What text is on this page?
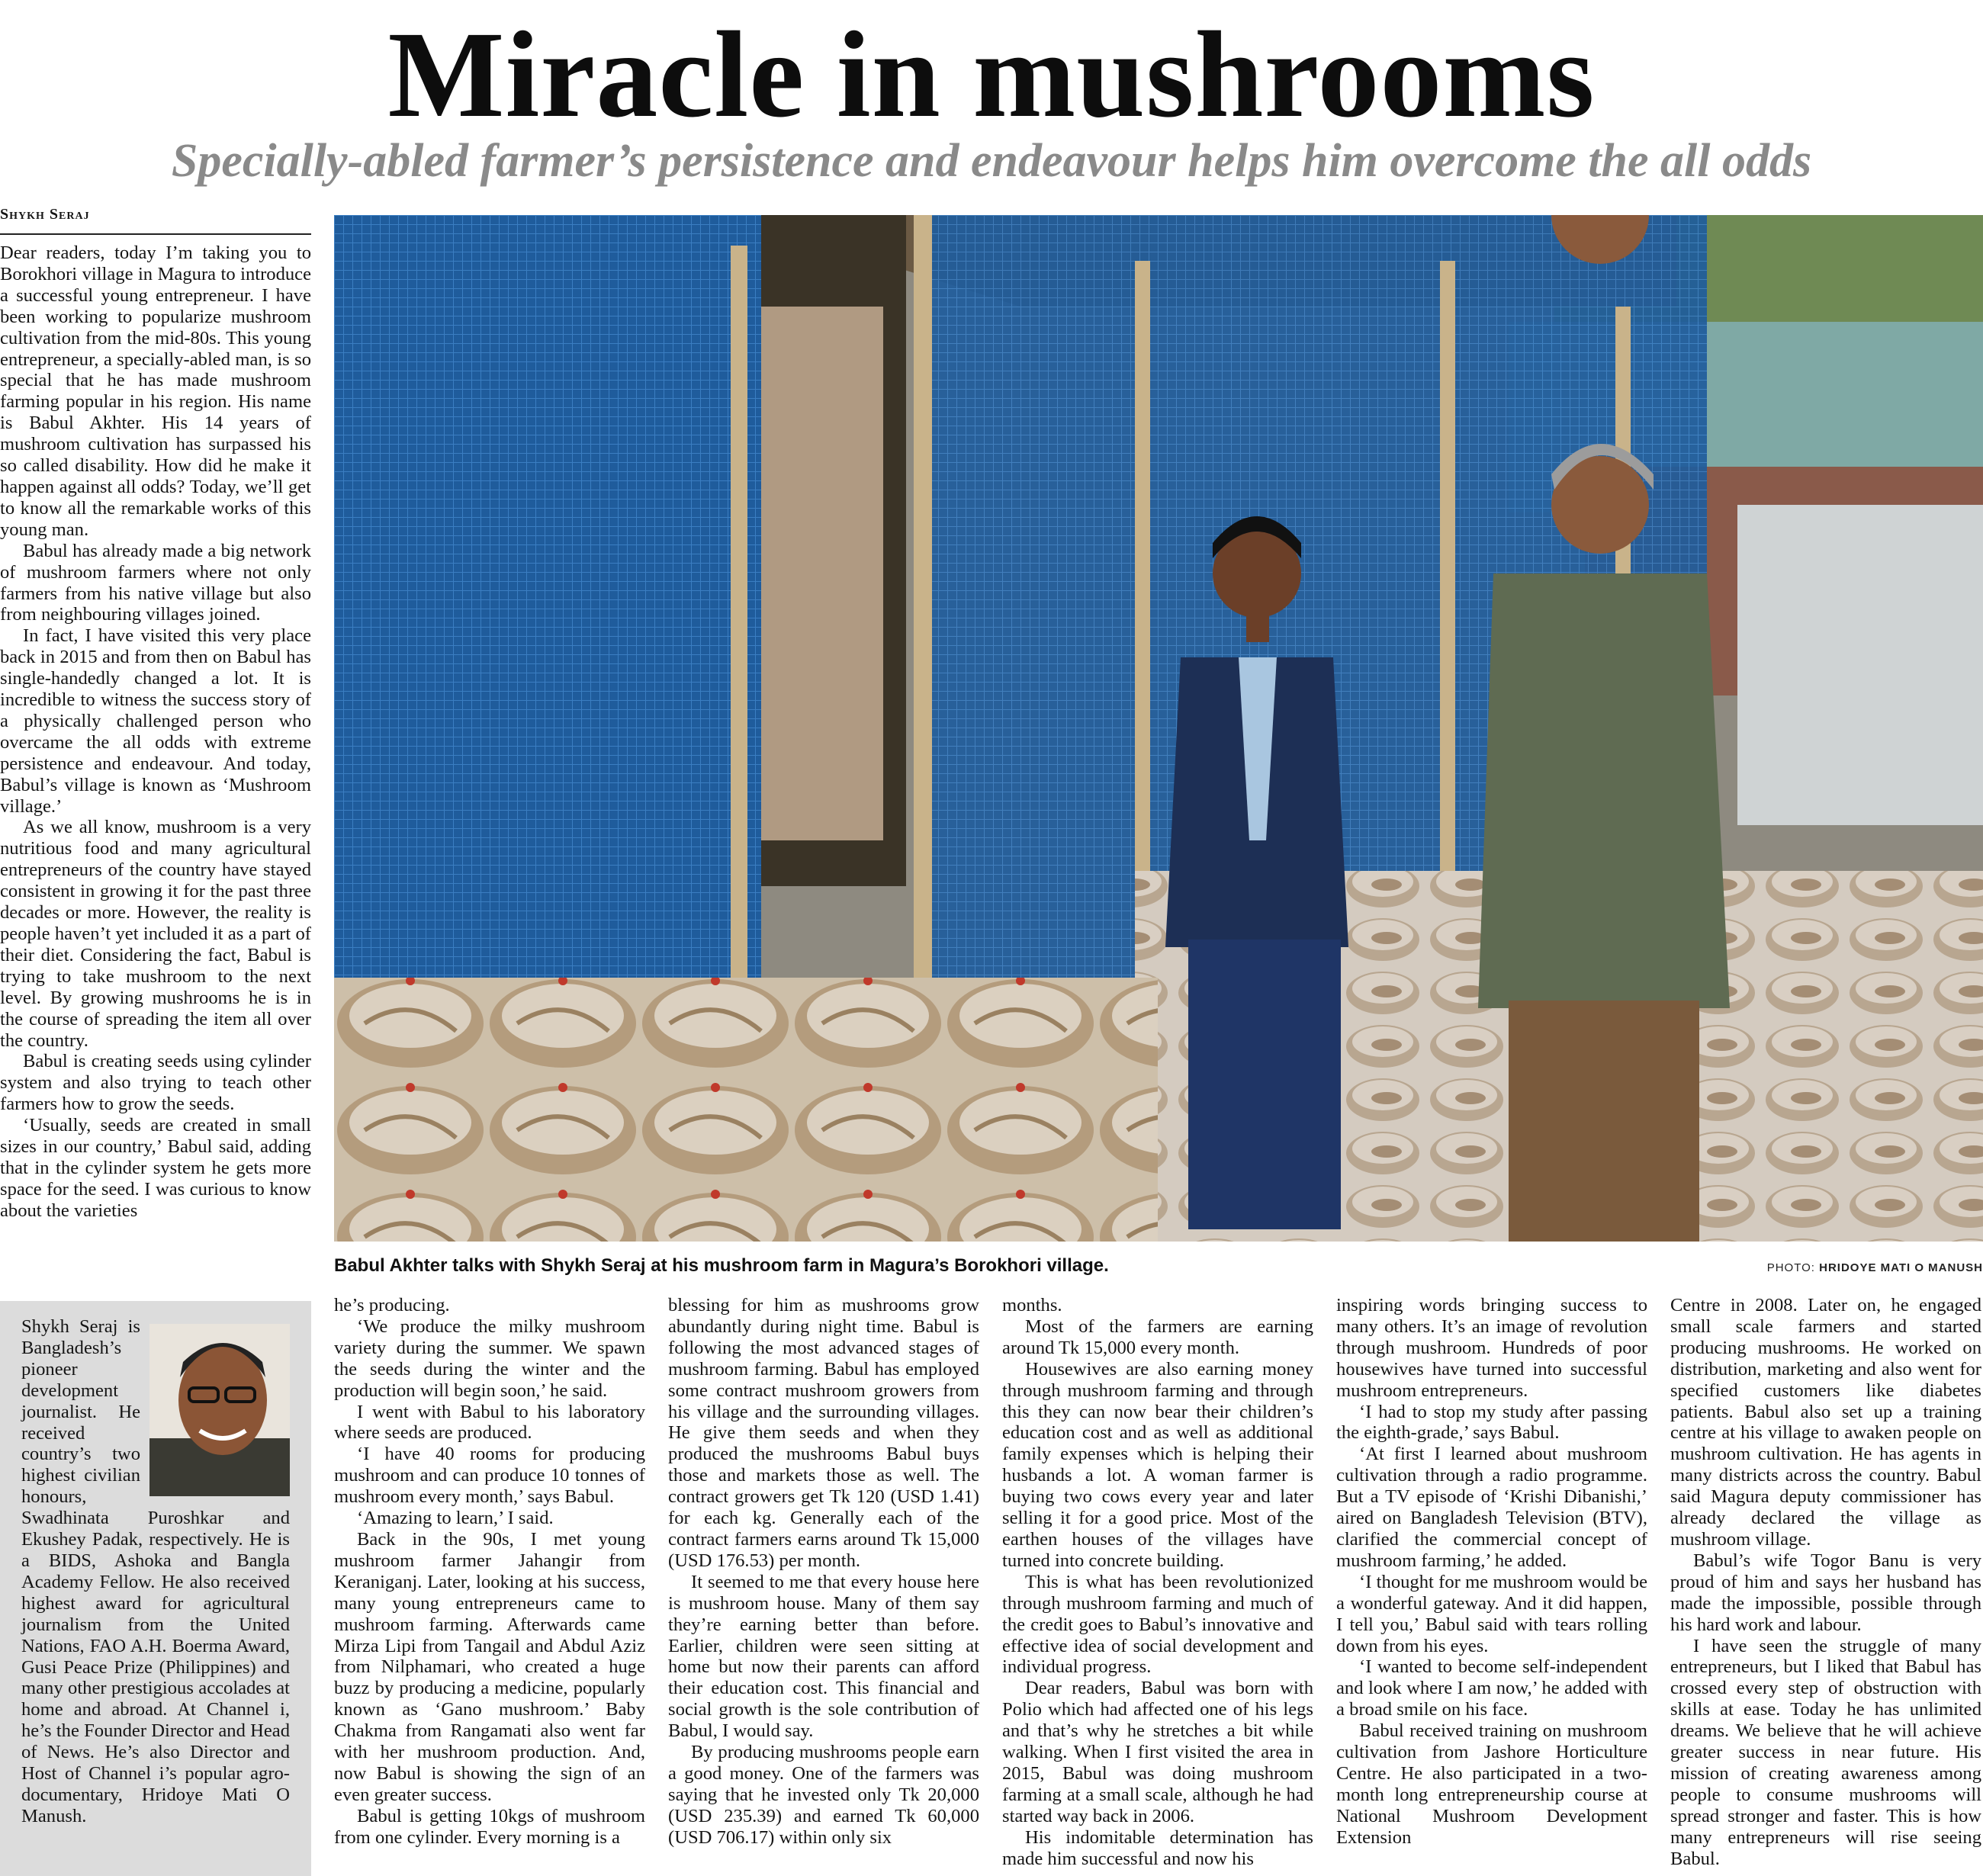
Miracle in mushrooms
Specially-abled farmer’s persistence and endeavour helps him overcome the all odds
Shykh Seraj

Dear readers, today I’m taking you to Borokhori village in Magura to introduce a successful young entrepreneur. I have been working to popularize mushroom cultivation from the mid-80s. This young entrepreneur, a specially-abled man, is so special that he has made mushroom farming popular in his region. His name is Babul Akhter. His 14 years of mushroom cultivation has surpassed his so called disability. How did he make it happen against all odds? Today, we’ll get to know all the remarkable works of this young man.

Babul has already made a big network of mushroom farmers where not only farmers from his native village but also from neighbouring villages joined.

In fact, I have visited this very place back in 2015 and from then on Babul has single-handedly changed a lot. It is incredible to witness the success story of a physically challenged person who overcame the all odds with extreme persistence and endeavour. And today, Babul’s village is known as ‘Mushroom village.’

As we all know, mushroom is a very nutritious food and many agricultural entrepreneurs of the country have stayed consistent in growing it for the past three decades or more. However, the reality is people haven’t yet included it as a part of their diet. Considering the fact, Babul is trying to take mushroom to the next level. By growing mushrooms he is in the course of spreading the item all over the country.

Babul is creating seeds using cylinder system and also trying to teach other farmers how to grow the seeds.

‘Usually, seeds are created in small sizes in our country,’ Babul said, adding that in the cylinder system he gets more space for the seed. I was curious to know about the varieties

Babul Akhter talks with Shykh Seraj at his mushroom farm in Magura’s Borokhori village.	PHOTO: HRIDOYE MATI O MANUSH

Shykh Seraj is Bangladesh’s pioneer development journalist. He received country’s two highest civilian honours, Swadhinata Puroshkar and Ekushey Padak, respectively. He is a BIDS, Ashoka and Bangla Academy Fellow. He also received highest award for agricultural journalism from the United Nations, FAO A.H. Boerma Award, Gusi Peace Prize (Philippines) and many other prestigious accolades at home and abroad. At Channel i, he’s the Founder Director and Head of News. He’s also Director and Host of Channel i’s popular agro-documentary, Hridoye Mati O Manush.

he’s producing.

‘We produce the milky mushroom variety during the summer. We spawn the seeds during the winter and the production will begin soon,’ he said.

I went with Babul to his laboratory where seeds are produced.

‘I have 40 rooms for producing mushroom and can produce 10 tonnes of mushroom every month,’ says Babul.

‘Amazing to learn,’ I said.

Back in the 90s, I met young mushroom farmer Jahangir from Keraniganj. Later, looking at his success, many young entrepreneurs came to mushroom farming. Afterwards came Mirza Lipi from Tangail and Abdul Aziz from Nilphamari, who created a huge buzz by producing a medicine, popularly known as ‘Gano mushroom.’ Baby Chakma from Rangamati also went far with her mushroom production. And, now Babul is showing the sign of an even greater success.

Babul is getting 10kgs of mushroom from one cylinder. Every morning is a

blessing for him as mushrooms grow abundantly during night time. Babul is following the most advanced stages of mushroom farming. Babul has employed some contract mushroom growers from his village and the surrounding villages. He give them seeds and when they produced the mushrooms Babul buys those and markets those as well. The contract growers get Tk 120 (USD 1.41) for each kg. Generally each of the contract farmers earns around Tk 15,000 (USD 176.53) per month.

It seemed to me that every house here is mushroom house. Many of them say they’re earning better than before. Earlier, children were seen sitting at home but now their parents can afford their education cost. This financial and social growth is the sole contribution of Babul, I would say.

By producing mushrooms people earn a good money. One of the farmers was saying that he invested only Tk 20,000 (USD 235.39) and earned Tk 60,000 (USD 706.17) within only six

months.

Most of the farmers are earning around Tk 15,000 every month.

Housewives are also earning money through mushroom farming and through this they can now bear their children’s education cost and as well as additional family expenses which is helping their husbands a lot. A woman farmer is buying two cows every year and later selling it for a good price. Most of the earthen houses of the villages have turned into concrete building.

This is what has been revolutionized through mushroom farming and much of the credit goes to Babul’s innovative and effective idea of social development and individual progress.

Dear readers, Babul was born with Polio which had affected one of his legs and that’s why he stretches a bit while walking. When I first visited the area in 2015, Babul was doing mushroom farming at a small scale, although he had started way back in 2006.

His indomitable determination has made him successful and now his

inspiring words bringing success to many others. It’s an image of revolution through mushroom. Hundreds of poor housewives have turned into successful mushroom entrepreneurs.

‘I had to stop my study after passing the eighth-grade,’ says Babul.

‘At first I learned about mushroom cultivation through a radio programme. But a TV episode of ‘Krishi Dibanishi,’ aired on Bangladesh Television (BTV), clarified the commercial concept of mushroom farming,’ he added.

‘I thought for me mushroom would be a wonderful gateway. And it did happen, I tell you,’ Babul said with tears rolling down from his eyes.

‘I wanted to become self-independent and look where I am now,’ he added with a broad smile on his face.

Babul received training on mushroom cultivation from Jashore Horticulture Centre. He also participated in a two-month long entrepreneurship course at National Mushroom Development Extension

Centre in 2008. Later on, he engaged small scale farmers and started producing mushrooms. He worked on distribution, marketing and also went for specified customers like diabetes patients. Babul also set up a training centre at his village to awaken people on mushroom cultivation. He has agents in many districts across the country. Babul said Magura deputy commissioner has already declared the village as mushroom village.

Babul’s wife Togor Banu is very proud of him and says her husband has made the impossible, possible through his hard work and labour.

I have seen the struggle of many entrepreneurs, but I liked that Babul has crossed every step of obstruction with skills at ease. Today he has unlimited dreams. We believe that he will achieve greater success in near future. His mission of creating awareness among people to consume mushrooms will spread stronger and faster. This is how many entrepreneurs will rise seeing Babul.
